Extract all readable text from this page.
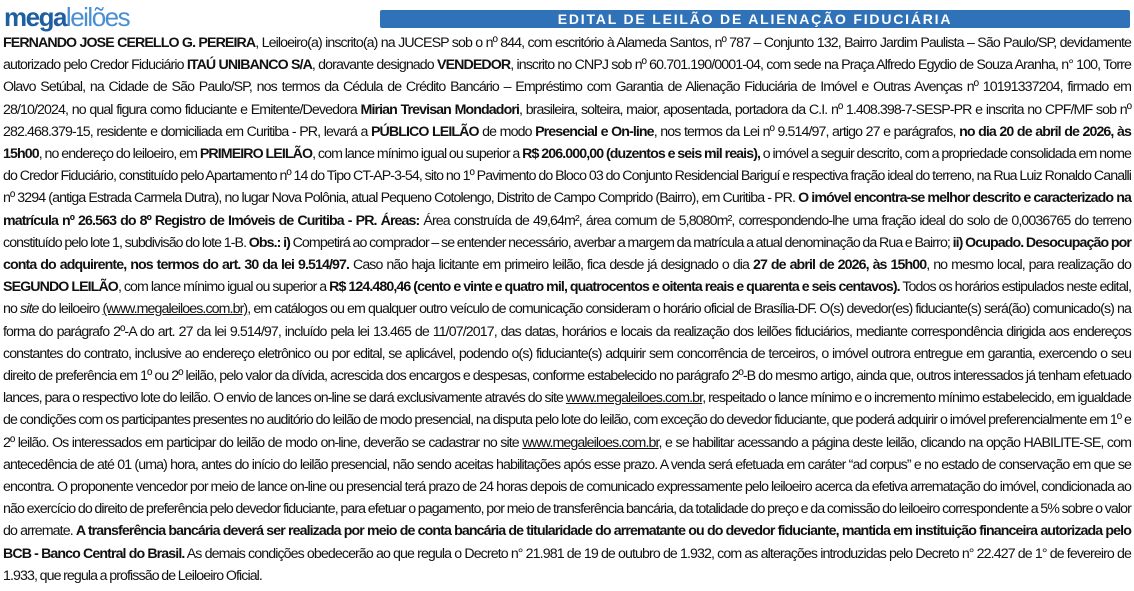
megaleilões	EDITAL DE LEILÃO DE ALIENAÇÃO FIDUCIÁRIA
FERNANDO JOSE CERELLO G. PEREIRA, Leiloeiro(a) inscrito(a) na JUCESP sob o nº 844, com escritório à Alameda Santos, nº 787 – Conjunto 132, Bairro Jardim Paulista – São Paulo/SP, devidamente autorizado pelo Credor Fiduciário ITAÚ UNIBANCO S/A, doravante designado VENDEDOR, inscrito no CNPJ sob nº 60.701.190/0001-04, com sede na Praça Alfredo Egydio de Souza Aranha, n° 100, Torre Olavo Setúbal, na Cidade de São Paulo/SP, nos termos da Cédula de Crédito Bancário – Empréstimo com Garantia de Alienação Fiduciária de Imóvel e Outras Avenças nº 10191337204, firmado em 28/10/2024, no qual figura como fiduciante e Emitente/Devedora Mirian Trevisan Mondadori, brasileira, solteira, maior, aposentada, portadora da C.I. nº 1.408.398-7-SESP-PR e inscrita no CPF/MF sob nº 282.468.379-15, residente e domiciliada em Curitiba - PR, levará a PÚBLICO LEILÃO de modo Presencial e On-line, nos termos da Lei nº 9.514/97, artigo 27 e parágrafos, no dia 20 de abril de 2026, às 15h00, no endereço do leiloeiro, em PRIMEIRO LEILÃO, com lance mínimo igual ou superior a R$ 206.000,00 (duzentos e seis mil reais), o imóvel a seguir descrito, com a propriedade consolidada em nome do Credor Fiduciário, constituído pelo Apartamento nº 14 do Tipo CT-AP-3-54, sito no 1º Pavimento do Bloco 03 do Conjunto Residencial Bariguí e respectiva fração ideal do terreno, na Rua Luiz Ronaldo Canalli nº 3294 (antiga Estrada Carmela Dutra), no lugar Nova Polônia, atual Pequeno Cotolengo, Distrito de Campo Comprido (Bairro), em Curitiba - PR. O imóvel encontra-se melhor descrito e caracterizado na matrícula nº 26.563 do 8º Registro de Imóveis de Curitiba - PR. Áreas: Área construída de 49,64m², área comum de 5,8080m², correspondendo-lhe uma fração ideal do solo de 0,0036765 do terreno constituído pelo lote 1, subdivisão do lote 1-B. Obs.: i) Competirá ao comprador – se entender necessário, averbar a margem da matrícula a atual denominação da Rua e Bairro; ii) Ocupado. Desocupação por conta do adquirente, nos termos do art. 30 da lei 9.514/97. Caso não haja licitante em primeiro leilão, fica desde já designado o dia 27 de abril de 2026, às 15h00, no mesmo local, para realização do SEGUNDO LEILÃO, com lance mínimo igual ou superior a R$ 124.480,46 (cento e vinte e quatro mil, quatrocentos e oitenta reais e quarenta e seis centavos). Todos os horários estipulados neste edital, no site do leiloeiro (www.megaleiloes.com.br), em catálogos ou em qualquer outro veículo de comunicação consideram o horário oficial de Brasília-DF. O(s) devedor(es) fiduciante(s) será(ão) comunicado(s) na forma do parágrafo 2º-A do art. 27 da lei 9.514/97, incluído pela lei 13.465 de 11/07/2017, das datas, horários e locais da realização dos leilões fiduciários, mediante correspondência dirigida aos endereços constantes do contrato, inclusive ao endereço eletrônico ou por edital, se aplicável, podendo o(s) fiduciante(s) adquirir sem concorrência de terceiros, o imóvel outrora entregue em garantia, exercendo o seu direito de preferência em 1º ou 2º leilão, pelo valor da dívida, acrescida dos encargos e despesas, conforme estabelecido no parágrafo 2º-B do mesmo artigo, ainda que, outros interessados já tenham efetuado lances, para o respectivo lote do leilão. O envio de lances on-line se dará exclusivamente através do site www.megaleiloes.com.br, respeitado o lance mínimo e o incremento mínimo estabelecido, em igualdade de condições com os participantes presentes no auditório do leilão de modo presencial, na disputa pelo lote do leilão, com exceção do devedor fiduciante, que poderá adquirir o imóvel preferencialmente em 1º e 2º leilão. Os interessados em participar do leilão de modo on-line, deverão se cadastrar no site www.megaleiloes.com.br, e se habilitar acessando a página deste leilão, clicando na opção HABILITE-SE, com antecedência de até 01 (uma) hora, antes do início do leilão presencial, não sendo aceitas habilitações após esse prazo. A venda será efetuada em caráter “ad corpus” e no estado de conservação em que se encontra. O proponente vencedor por meio de lance on-line ou presencial terá prazo de 24 horas depois de comunicado expressamente pelo leiloeiro acerca da efetiva arrematação do imóvel, condicionada ao não exercício do direito de preferência pelo devedor fiduciante, para efetuar o pagamento, por meio de transferência bancária, da totalidade do preço e da comissão do leiloeiro correspondente a 5% sobre o valor do arremate. A transferência bancária deverá ser realizada por meio de conta bancária de titularidade do arrematante ou do devedor fiduciante, mantida em instituição financeira autorizada pelo BCB - Banco Central do Brasil. As demais condições obedecerão ao que regula o Decreto n° 21.981 de 19 de outubro de 1.932, com as alterações introduzidas pelo Decreto n° 22.427 de 1° de fevereiro de 1.933, que regula a profissão de Leiloeiro Oficial.
